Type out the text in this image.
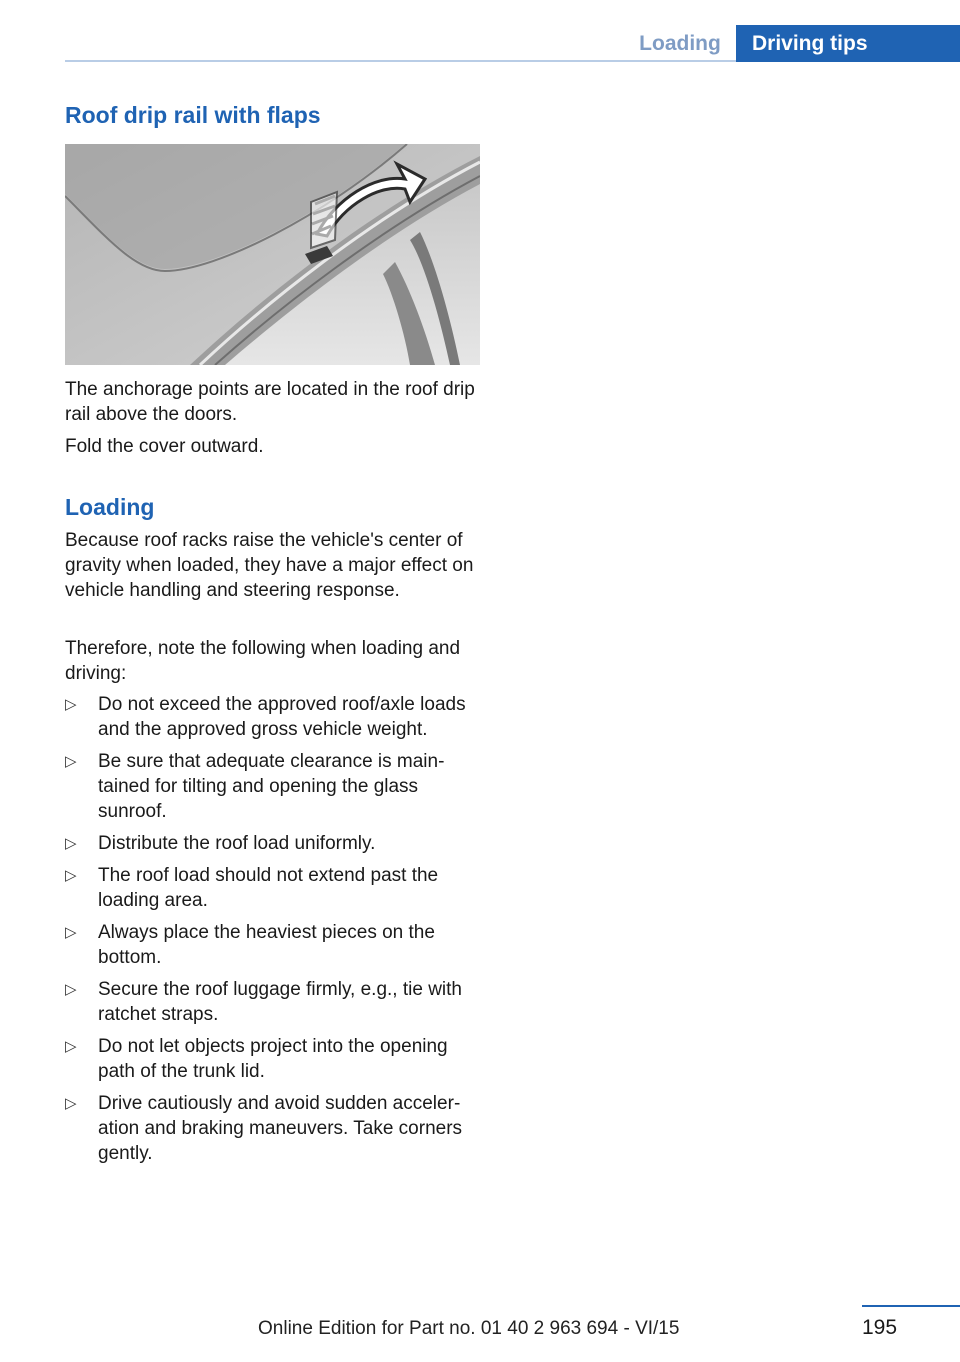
Loading	Driving tips
Roof drip rail with flaps

The anchorage points are located in the roof drip rail above the doors.

Fold the cover outward.

Loading

Because roof racks raise the vehicle's center of gravity when loaded, they have a major effect on vehicle handling and steering response.

Therefore, note the following when loading and driving:

▷ Do not exceed the approved roof/axle loads and the approved gross vehicle weight.
▷ Be sure that adequate clearance is maintained for tilting and opening the glass sunroof.
▷ Distribute the roof load uniformly.
▷ The roof load should not extend past the loading area.
▷ Always place the heaviest pieces on the bottom.
▷ Secure the roof luggage firmly, e.g., tie with ratchet straps.
▷ Do not let objects project into the opening path of the trunk lid.
▷ Drive cautiously and avoid sudden acceleration and braking maneuvers. Take corners gently.
195
Online Edition for Part no. 01 40 2 963 694 - VI/15
